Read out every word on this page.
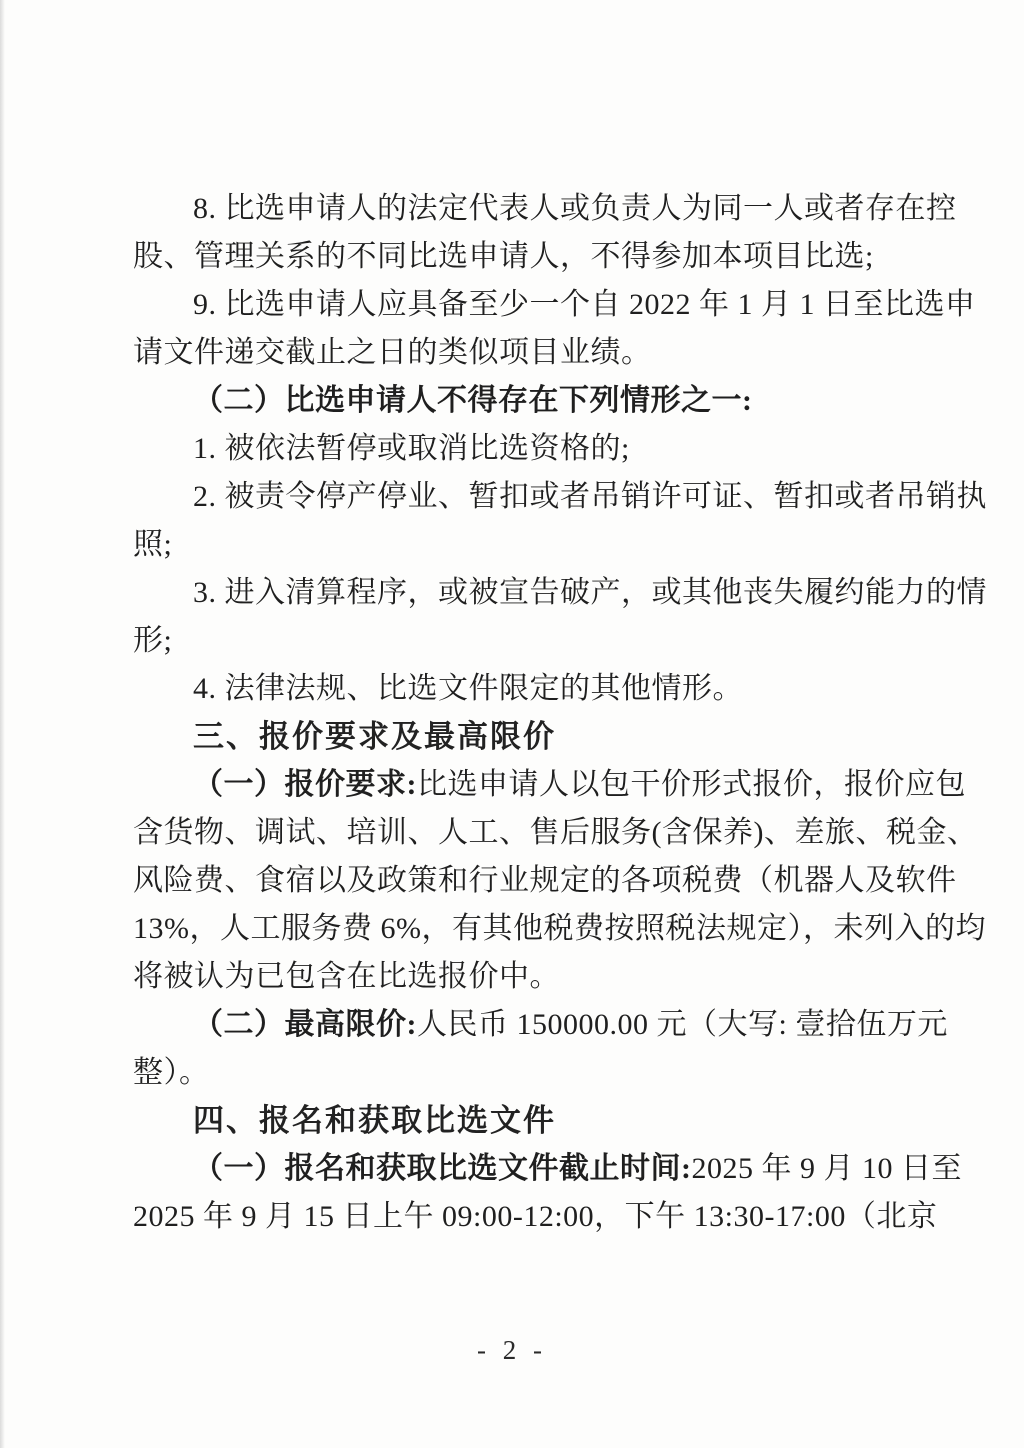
8. 比选申请人的法定代表人或负责人为同一人或者存在控
股、管理关系的不同比选申请人，不得参加本项目比选;
9. 比选申请人应具备至少一个自 2022 年 1 月 1 日至比选申
请文件递交截止之日的类似项目业绩。
（二）比选申请人不得存在下列情形之一:
1. 被依法暂停或取消比选资格的;
2. 被责令停产停业、暂扣或者吊销许可证、暂扣或者吊销执
照;
3. 进入清算程序，或被宣告破产，或其他丧失履约能力的情
形;
4. 法律法规、比选文件限定的其他情形。
三、报价要求及最高限价
（一）报价要求:比选申请人以包干价形式报价，报价应包
含货物、调试、培训、人工、售后服务(含保养)、差旅、税金、
风险费、食宿以及政策和行业规定的各项税费（机器人及软件
13%，人工服务费 6%，有其他税费按照税法规定），未列入的均
将被认为已包含在比选报价中。
（二）最高限价:人民币 150000.00 元（大写: 壹拾伍万元
整）。
四、报名和获取比选文件
（一）报名和获取比选文件截止时间:2025 年 9 月 10 日至
2025 年 9 月 15 日上午 09:00-12:00，下午 13:30-17:00（北京
- 2 -
